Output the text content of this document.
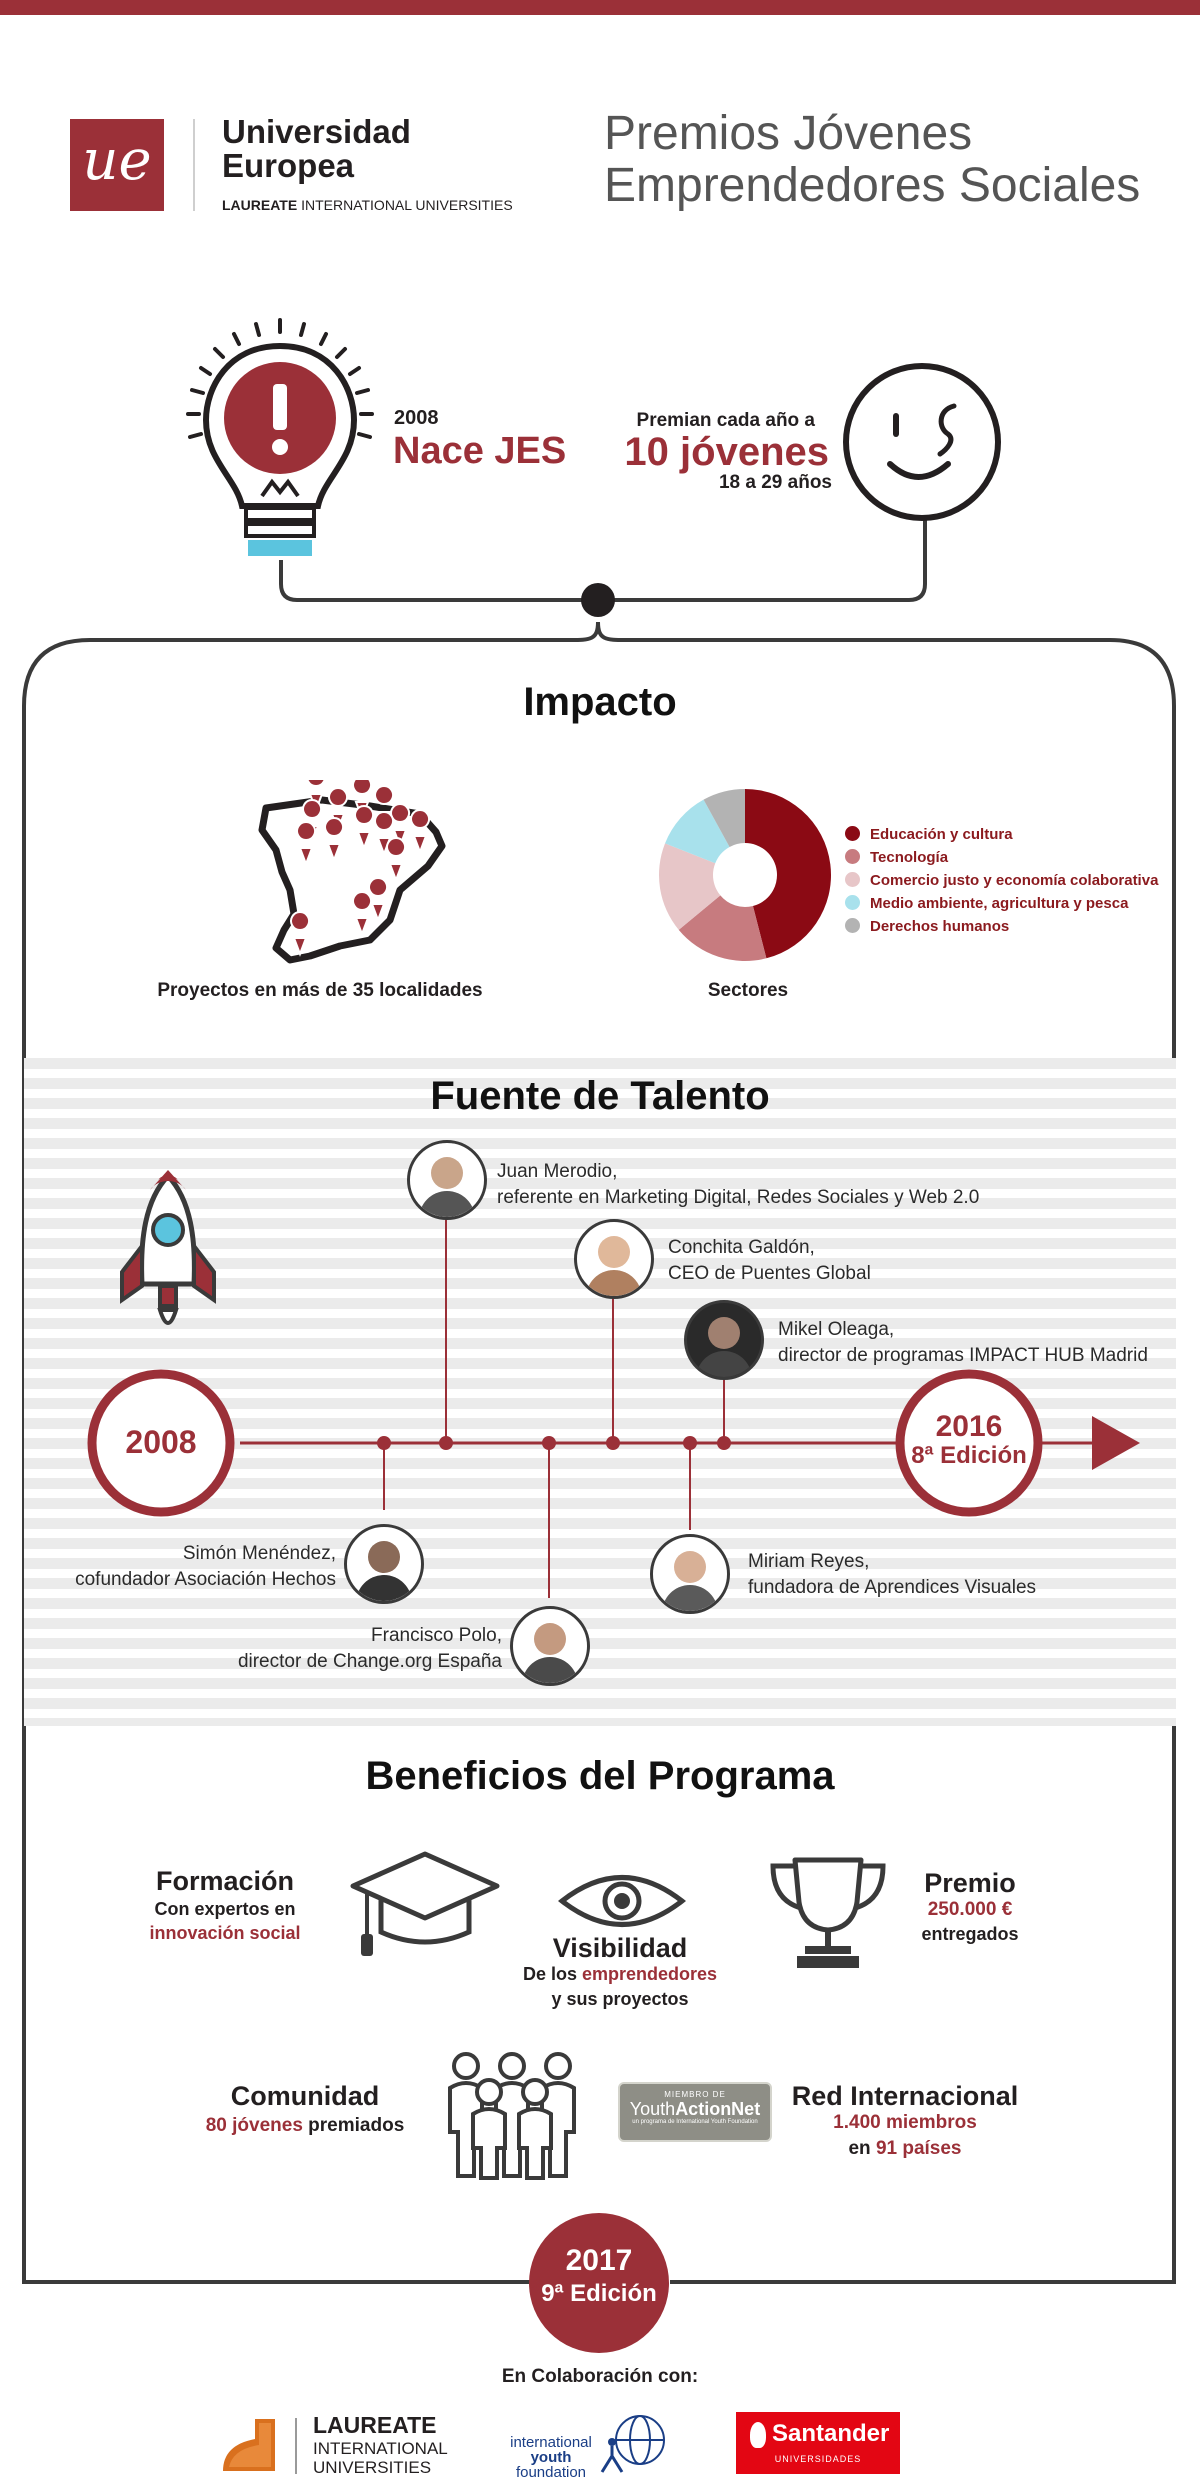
ue	Universidad
Europea
LAUREATE INTERNATIONAL UNIVERSITIES
Premios Jóvenes
Emprendedores Sociales
2008
Nace JES
Premian cada año a
10 jóvenes
18 a 29 años
Impacto
Proyectos en más de 35 localidades	Sectores
Educación y cultura
Tecnología
Comercio justo y economía colaborativa
Medio ambiente, agricultura y pesca
Derechos humanos
Fuente de Talento
2008	2016
8ª Edición
Juan Merodio,
referente en Marketing Digital, Redes Sociales y Web 2.0
Conchita Galdón,
CEO de Puentes Global
Mikel Oleaga,
director de programas IMPACT HUB Madrid
Simón Menéndez,
cofundador Asociación Hechos
Francisco Polo,
director de Change.org España
Miriam Reyes,
fundadora de Aprendices Visuales
Beneficios del Programa
Formación
Con expertos en
innovación social	Visibilidad
De los emprendedores
y sus proyectos
Premio
250.000 €
entregados
Comunidad
80 jóvenes premiados
MIEMBRO DE
YouthActionNet
un programa de International Youth Foundation
Red Internacional
1.400 miembros
en 91 países
2017
9ª Edición
En Colaboración con:
LAUREATE
INTERNATIONAL
UNIVERSITIES
international
youth
foundation
Santander
UNIVERSIDADES
